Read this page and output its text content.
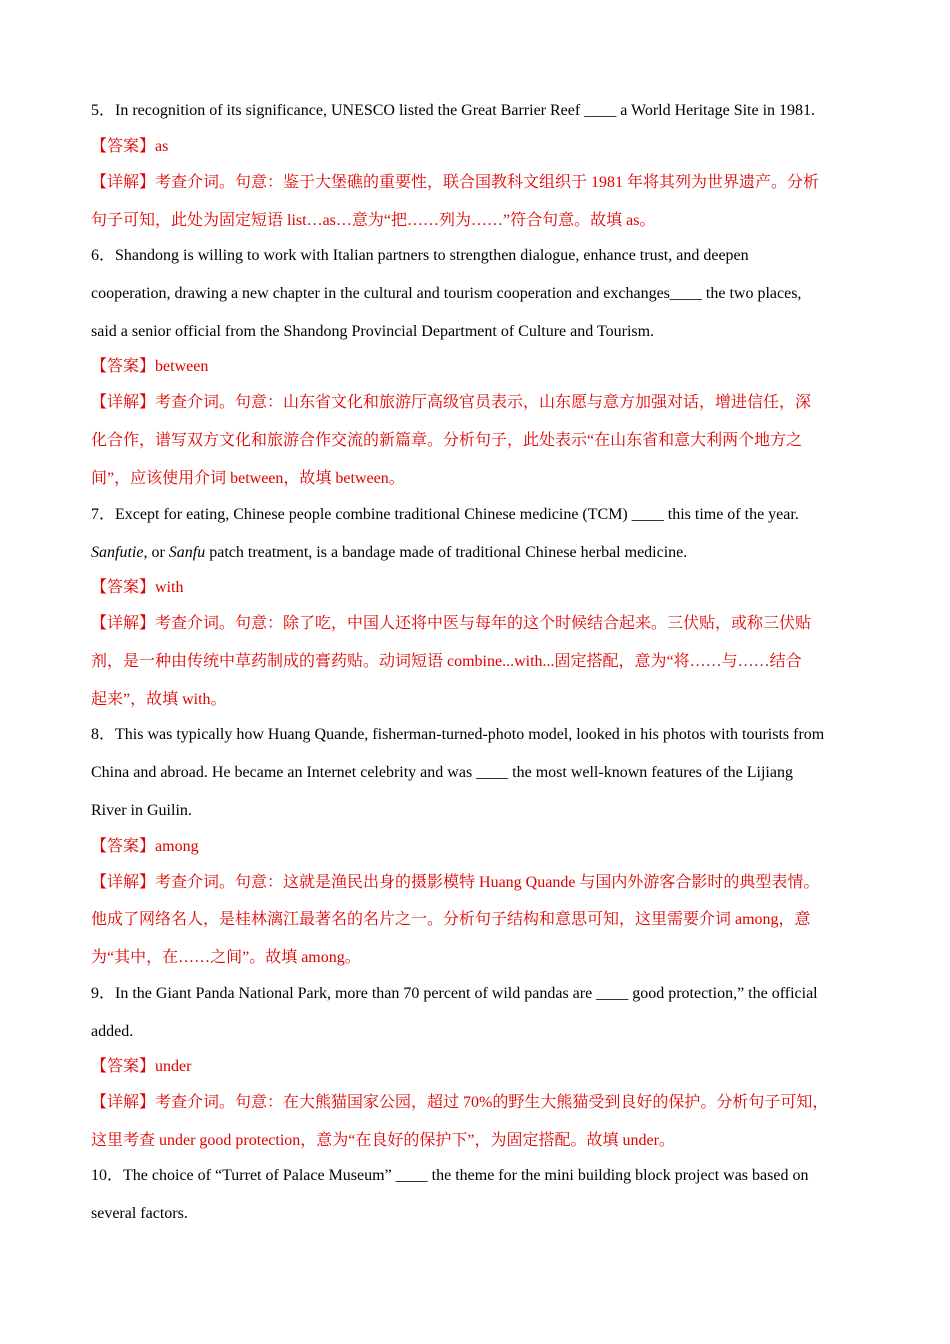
5．In recognition of its significance, UNESCO listed the Great Barrier Reef ____ a World Heritage Site in 1981.
【答案】as
【详解】考查介词。句意：鉴于大堡礁的重要性，联合国教科文组织于 1981 年将其列为世界遗产。分析
句子可知，此处为固定短语 list…as…意为“把……列为……”符合句意。故填 as。
6．Shandong is willing to work with Italian partners to strengthen dialogue, enhance trust, and deepen
cooperation, drawing a new chapter in the cultural and tourism cooperation and exchanges____ the two places,
said a senior official from the Shandong Provincial Department of Culture and Tourism.
【答案】between
【详解】考查介词。句意：山东省文化和旅游厅高级官员表示，山东愿与意方加强对话，增进信任，深
化合作，谱写双方文化和旅游合作交流的新篇章。分析句子，此处表示“在山东省和意大利两个地方之
间”，应该使用介词 between，故填 between。
7．Except for eating, Chinese people combine traditional Chinese medicine (TCM) ____ this time of the year.
Sanfutie, or Sanfu patch treatment, is a bandage made of traditional Chinese herbal medicine.
【答案】with
【详解】考查介词。句意：除了吃，中国人还将中医与每年的这个时候结合起来。三伏贴，或称三伏贴
剂，是一种由传统中草药制成的膏药贴。动词短语 combine...with...固定搭配，意为“将……与……结合
起来”，故填 with。
8．This was typically how Huang Quande, fisherman-turned-photo model, looked in his photos with tourists from
China and abroad. He became an Internet celebrity and was ____ the most well-known features of the Lijiang
River in Guilin.
【答案】among
【详解】考查介词。句意：这就是渔民出身的摄影模特 Huang Quande 与国内外游客合影时的典型表情。
他成了网络名人，是桂林漓江最著名的名片之一。分析句子结构和意思可知，这里需要介词 among，意
为“其中，在……之间”。故填 among。
9．In the Giant Panda National Park, more than 70 percent of wild pandas are ____ good protection,” the official
added.
【答案】under
【详解】考查介词。句意：在大熊猫国家公园，超过 70%的野生大熊猫受到良好的保护。分析句子可知，
这里考查 under good protection，意为“在良好的保护下”，为固定搭配。故填 under。
10．The choice of “Turret of Palace Museum” ____ the theme for the mini building block project was based on
several factors.
